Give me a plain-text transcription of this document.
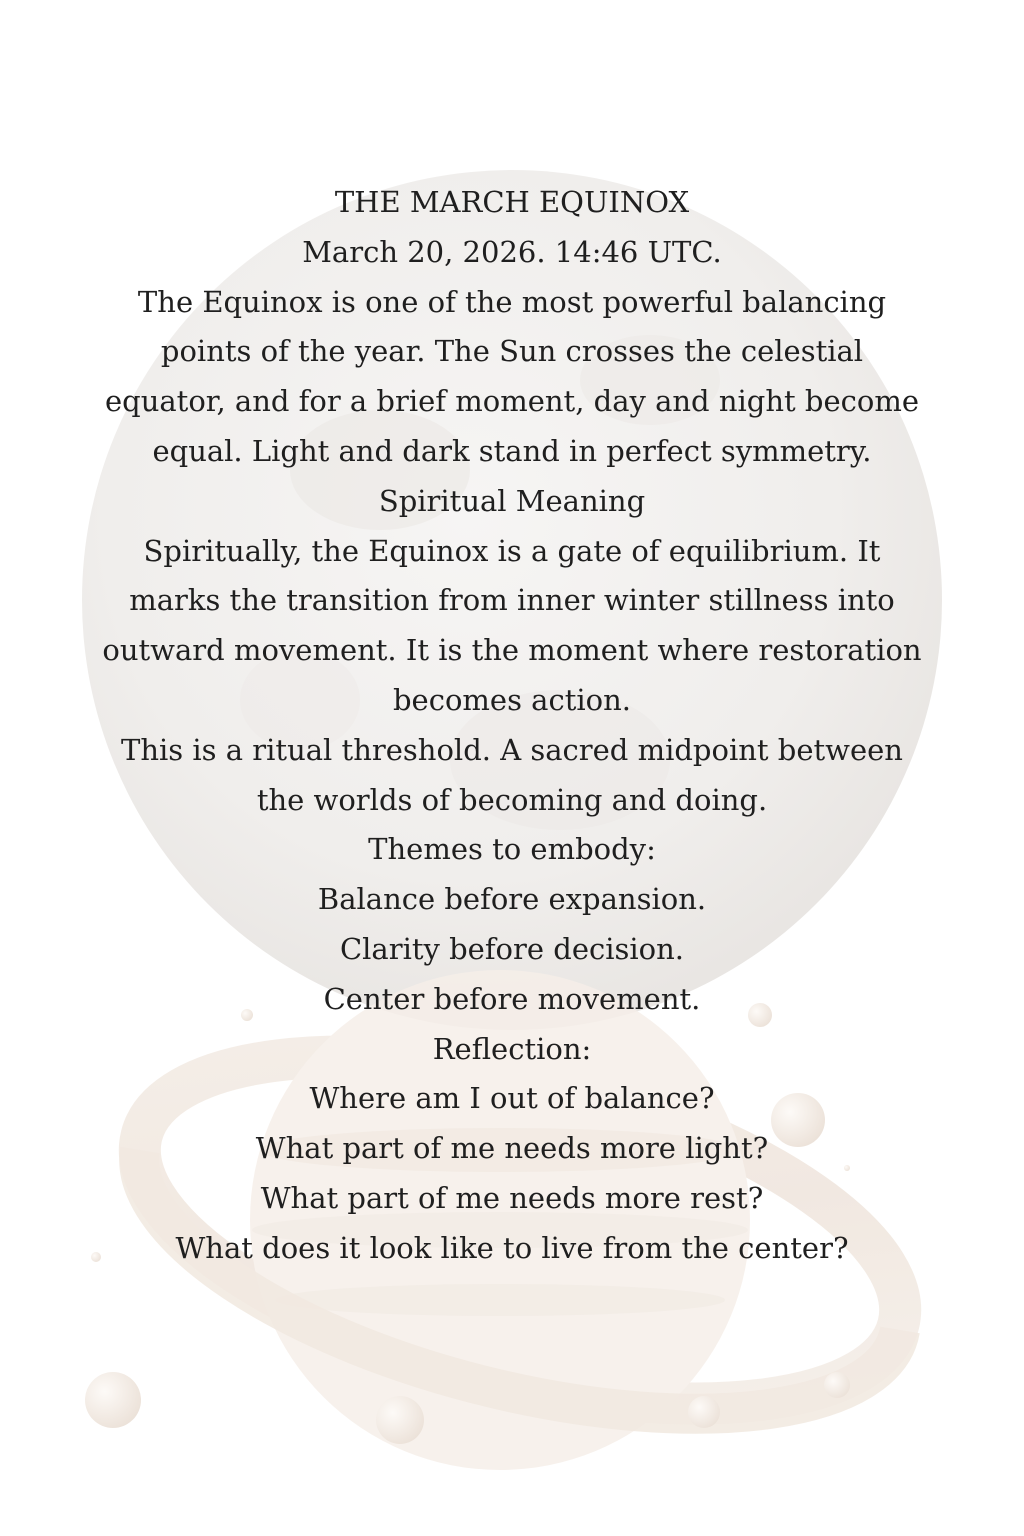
THE MARCH EQUINOX

March 20, 2026. 14:46 UTC.

The Equinox is one of the most powerful balancing points of the year. The Sun crosses the celestial equator, and for a brief moment, day and night become equal. Light and dark stand in perfect symmetry.

Spiritual Meaning

Spiritually, the Equinox is a gate of equilibrium. It marks the transition from inner winter stillness into outward movement. It is the moment where restoration becomes action.

This is a ritual threshold. A sacred midpoint between the worlds of becoming and doing.

Themes to embody:

Balance before expansion.

Clarity before decision.

Center before movement.

Reflection:

Where am I out of balance?

What part of me needs more light?

What part of me needs more rest?

What does it look like to live from the center?
